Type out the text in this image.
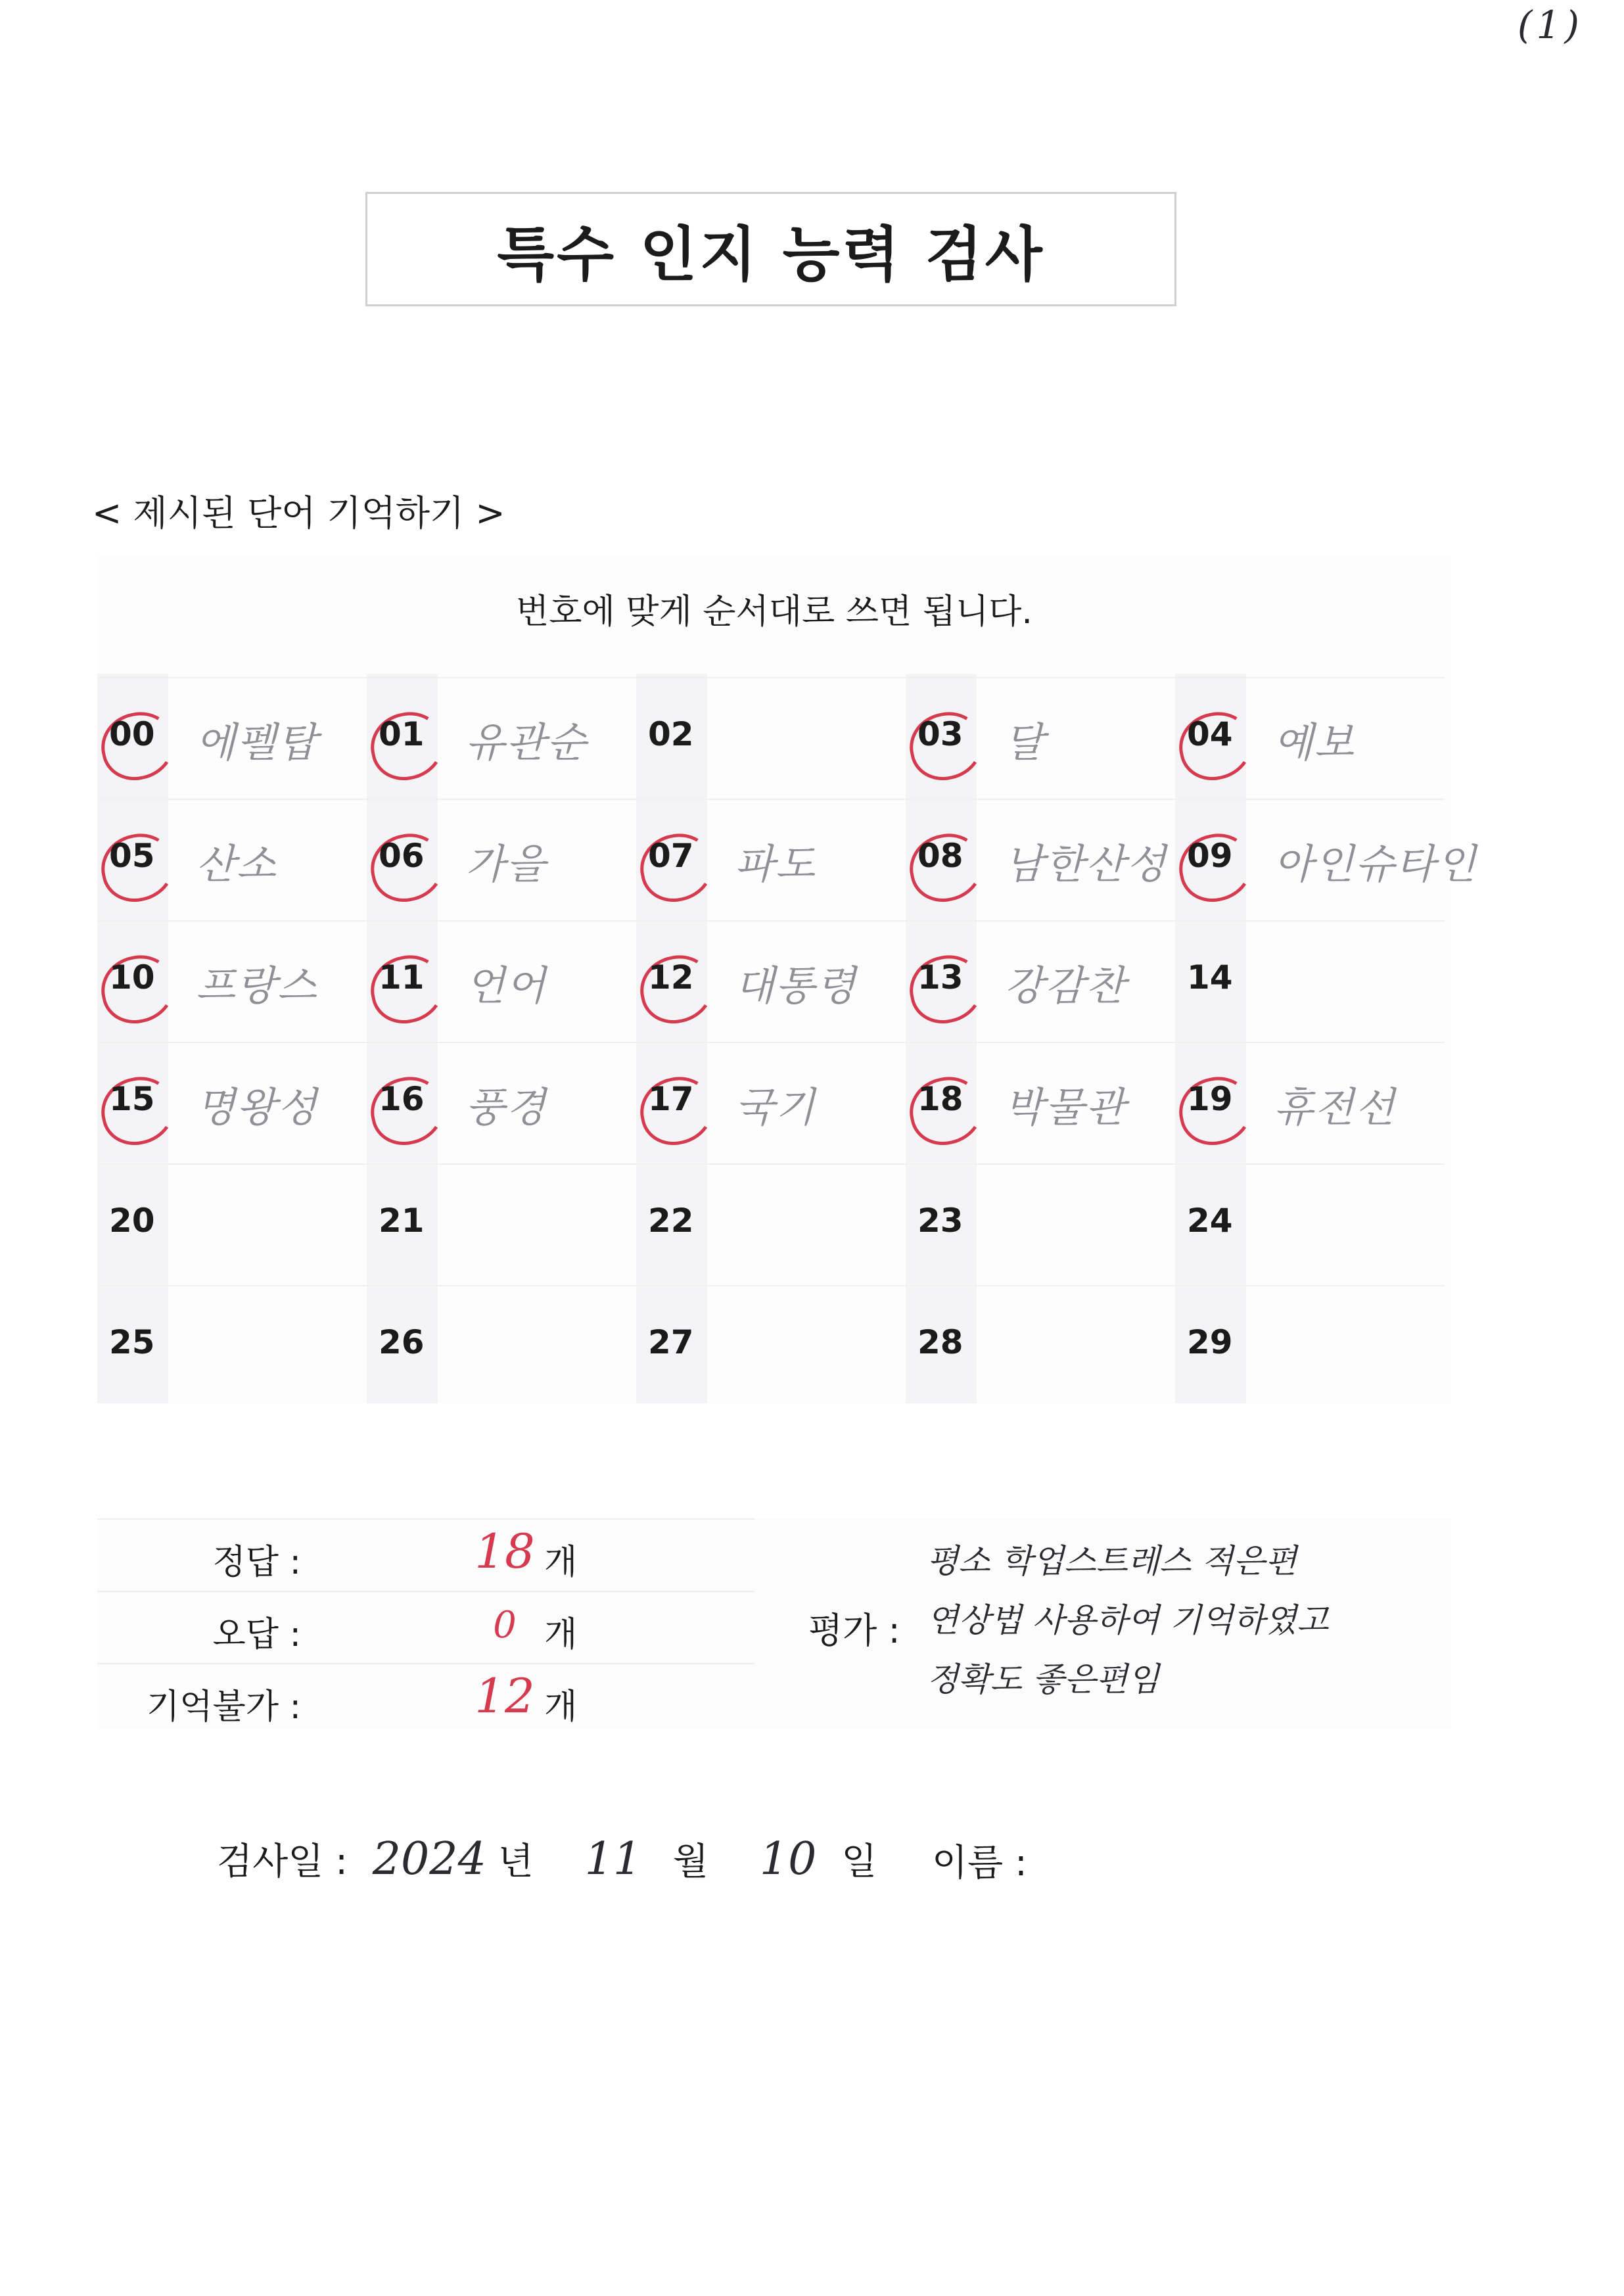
(1)
특수 인지 능력 검사
< 제시된 단어 기억하기 >
번호에 맞게 순서대로 쓰면 됩니다.
00 에펠탑 01 유관순 02	03 달	04 예보
05 산소	06 가을	07 파도	08 남한산성 09 아인슈타인
10 프랑스 11 언어	12 대통령 13 강감찬 14
15 명왕성 16 풍경	17 국기	18 박물관 19 휴전선
20	21	22	23	24
25	26	27	28	29
정답 :	18 개
오답 :	0 개
기억불가 :	12 개
평가 :
평소 학업스트레스 적은편
연상법 사용하여 기억하였고
정확도 좋은편임
검사일 : 2024 년 11 월 10 일 이름 :
